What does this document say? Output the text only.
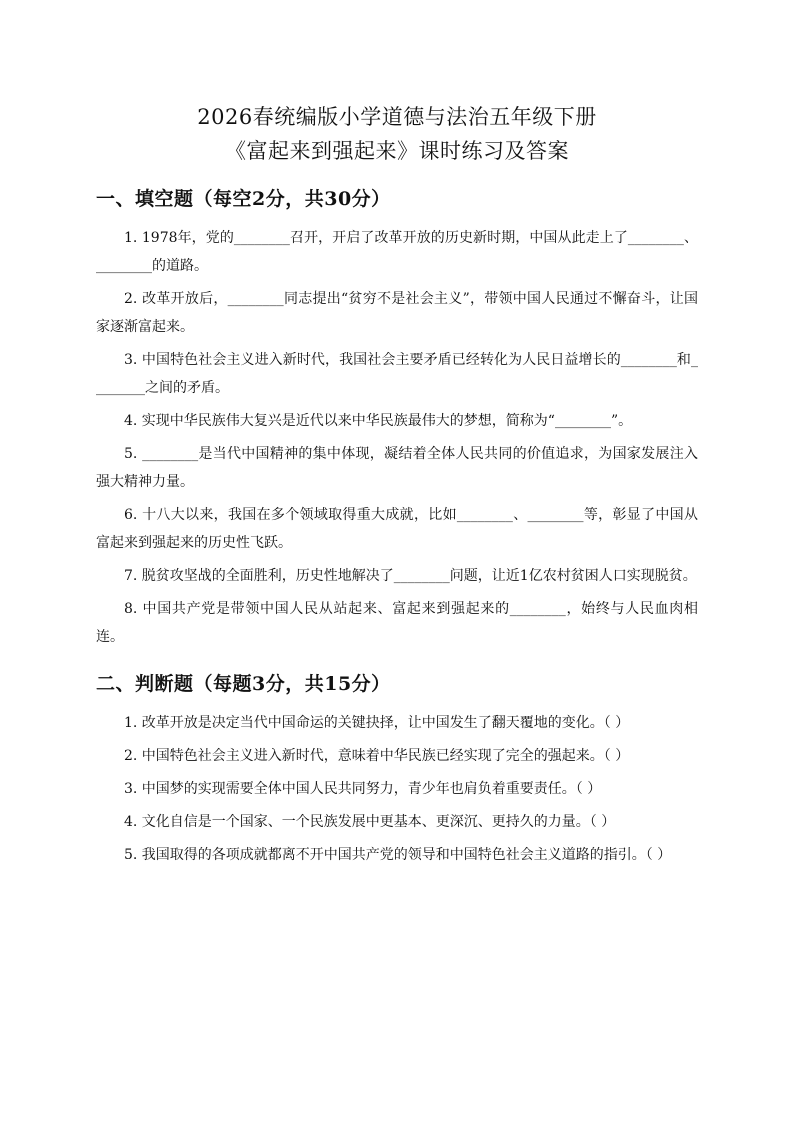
2026春统编版小学道德与法治五年级下册
《富起来到强起来》课时练习及答案
一、填空题（每空2分，共30分）

1. 1978年，党的________召开，开启了改革开放的历史新时期，中国从此走上了________、________的道路。

2. 改革开放后，________同志提出“贫穷不是社会主义”，带领中国人民通过不懈奋斗，让国家逐渐富起来。

3. 中国特色社会主义进入新时代，我国社会主要矛盾已经转化为人民日益增长的________和________之间的矛盾。

4. 实现中华民族伟大复兴是近代以来中华民族最伟大的梦想，简称为“________”。

5. ________是当代中国精神的集中体现，凝结着全体人民共同的价值追求，为国家发展注入强大精神力量。

6. 十八大以来，我国在多个领域取得重大成就，比如________、________等，彰显了中国从富起来到强起来的历史性飞跃。

7. 脱贫攻坚战的全面胜利，历史性地解决了________问题，让近1亿农村贫困人口实现脱贫。

8. 中国共产党是带领中国人民从站起来、富起来到强起来的________，始终与人民血肉相连。

二、判断题（每题3分，共15分）

1. 改革开放是决定当代中国命运的关键抉择，让中国发生了翻天覆地的变化。（ ）

2. 中国特色社会主义进入新时代，意味着中华民族已经实现了完全的强起来。（ ）

3. 中国梦的实现需要全体中国人民共同努力，青少年也肩负着重要责任。（ ）

4. 文化自信是一个国家、一个民族发展中更基本、更深沉、更持久的力量。（ ）

5. 我国取得的各项成就都离不开中国共产党的领导和中国特色社会主义道路的指引。（ ）
